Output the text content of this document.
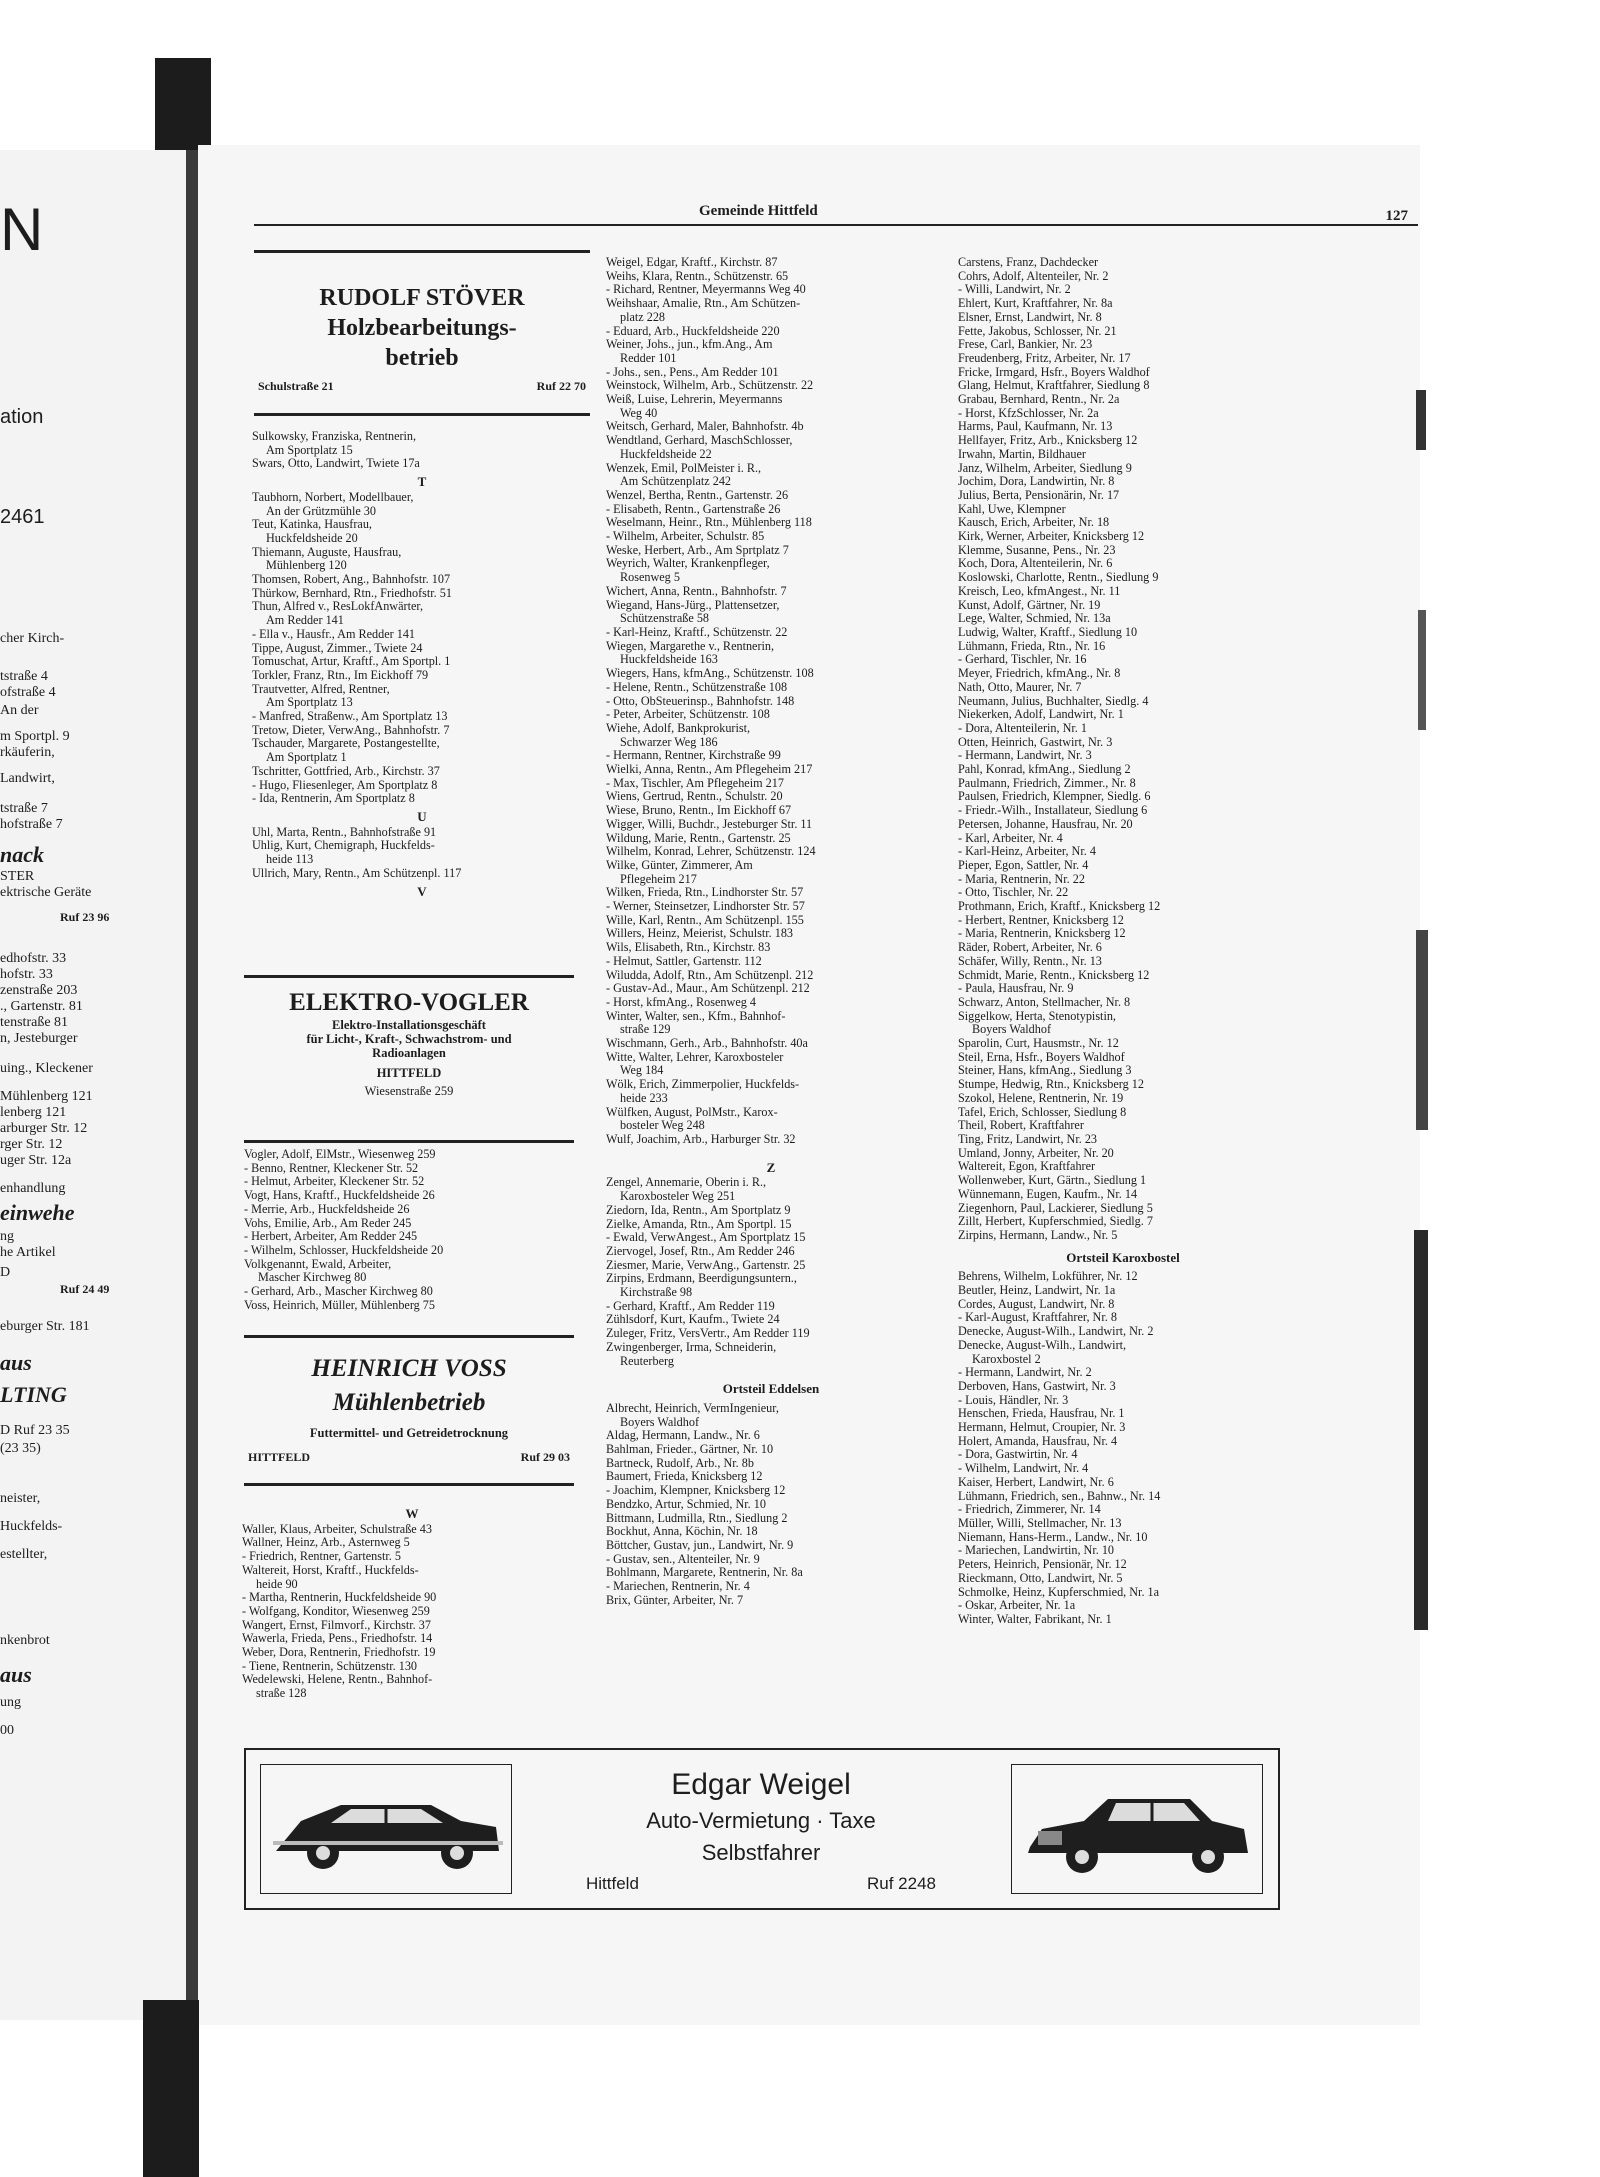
N
ation
2461
cher Kirch-
tstraße 4
ofstraße 4
An der
m Sportpl. 9
rkäuferin,
Landwirt,
tstraße 7
hofstraße 7
nack
STER
ektrische Geräte
Ruf 23 96
edhofstr. 33
hofstr. 33
zenstraße 203
., Gartenstr. 81
tenstraße 81
n, Jesteburger
uing., Kleckener
Mühlenberg 121
lenberg 121
arburger Str. 12
rger Str. 12
uger Str. 12a
enhandlung
einwehe
ng
he Artikel
D
Ruf 24 49
eburger Str. 181
aus
LTING
D Ruf 23 35
(23 35)
neister,
Huckfelds-
estellter,
nkenbrot
aus
ung
00
Gemeinde Hittfeld	127
RUDOLF STÖVER
Holzbearbeitungs-
betrieb
Schulstraße 21	Ruf 22 70
Sulkowsky, Franziska, Rentnerin,
Am Sportplatz 15
Swars, Otto, Landwirt, Twiete 17a
T
Taubhorn, Norbert, Modellbauer,
An der Grützmühle 30
Teut, Katinka, Hausfrau,
Huckfeldsheide 20
Thiemann, Auguste, Hausfrau,
Mühlenberg 120
Thomsen, Robert, Ang., Bahnhofstr. 107
Thürkow, Bernhard, Rtn., Friedhofstr. 51
Thun, Alfred v., ResLokfAnwärter,
Am Redder 141
- Ella v., Hausfr., Am Redder 141
Tippe, August, Zimmer., Twiete 24
Tomuschat, Artur, Kraftf., Am Sportpl. 1
Torkler, Franz, Rtn., Im Eickhoff 79
Trautvetter, Alfred, Rentner,
Am Sportplatz 13
- Manfred, Straßenw., Am Sportplatz 13
Tretow, Dieter, VerwAng., Bahnhofstr. 7
Tschauder, Margarete, Postangestellte,
Am Sportplatz 1
Tschritter, Gottfried, Arb., Kirchstr. 37
- Hugo, Fliesenleger, Am Sportplatz 8
- Ida, Rentnerin, Am Sportplatz 8
U
Uhl, Marta, Rentn., Bahnhofstraße 91
Uhlig, Kurt, Chemigraph, Huckfelds-
heide 113
Ullrich, Mary, Rentn., Am Schützenpl. 117
V
ELEKTRO-VOGLER
Elektro-Installationsgeschäft
für Licht-, Kraft-, Schwachstrom- und
Radioanlagen
HITTFELD
Wiesenstraße 259
Vogler, Adolf, ElMstr., Wiesenweg 259
- Benno, Rentner, Kleckener Str. 52
- Helmut, Arbeiter, Kleckener Str. 52
Vogt, Hans, Kraftf., Huckfeldsheide 26
- Merrie, Arb., Huckfeldsheide 26
Vohs, Emilie, Arb., Am Reder 245
- Herbert, Arbeiter, Am Redder 245
- Wilhelm, Schlosser, Huckfeldsheide 20
Volkgenannt, Ewald, Arbeiter,
Mascher Kirchweg 80
- Gerhard, Arb., Mascher Kirchweg 80
Voss, Heinrich, Müller, Mühlenberg 75
HEINRICH VOSS
Mühlenbetrieb
Futtermittel- und Getreidetrocknung
HITTFELD	Ruf 29 03
W
Waller, Klaus, Arbeiter, Schulstraße 43
Wallner, Heinz, Arb., Asternweg 5
- Friedrich, Rentner, Gartenstr. 5
Waltereit, Horst, Kraftf., Huckfelds-
heide 90
- Martha, Rentnerin, Huckfeldsheide 90
- Wolfgang, Konditor, Wiesenweg 259
Wangert, Ernst, Filmvorf., Kirchstr. 37
Wawerla, Frieda, Pens., Friedhofstr. 14
Weber, Dora, Rentnerin, Friedhofstr. 19
- Tiene, Rentnerin, Schützenstr. 130
Wedelewski, Helene, Rentn., Bahnhof-
straße 128
Weigel, Edgar, Kraftf., Kirchstr. 87
Weihs, Klara, Rentn., Schützenstr. 65
- Richard, Rentner, Meyermanns Weg 40
Weihshaar, Amalie, Rtn., Am Schützen-
platz 228
- Eduard, Arb., Huckfeldsheide 220
Weiner, Johs., jun., kfm.Ang., Am
Redder 101
- Johs., sen., Pens., Am Redder 101
Weinstock, Wilhelm, Arb., Schützenstr. 22
Weiß, Luise, Lehrerin, Meyermanns
Weg 40
Weitsch, Gerhard, Maler, Bahnhofstr. 4b
Wendtland, Gerhard, MaschSchlosser,
Huckfeldsheide 22
Wenzek, Emil, PolMeister i. R.,
Am Schützenplatz 242
Wenzel, Bertha, Rentn., Gartenstr. 26
- Elisabeth, Rentn., Gartenstraße 26
Weselmann, Heinr., Rtn., Mühlenberg 118
- Wilhelm, Arbeiter, Schulstr. 85
Weske, Herbert, Arb., Am Sprtplatz 7
Weyrich, Walter, Krankenpfleger,
Rosenweg 5
Wichert, Anna, Rentn., Bahnhofstr. 7
Wiegand, Hans-Jürg., Plattensetzer,
Schützenstraße 58
- Karl-Heinz, Kraftf., Schützenstr. 22
Wiegen, Margarethe v., Rentnerin,
Huckfeldsheide 163
Wiegers, Hans, kfmAng., Schützenstr. 108
- Helene, Rentn., Schützenstraße 108
- Otto, ObSteuerinsp., Bahnhofstr. 148
- Peter, Arbeiter, Schützenstr. 108
Wiehe, Adolf, Bankprokurist,
Schwarzer Weg 186
- Hermann, Rentner, Kirchstraße 99
Wielki, Anna, Rentn., Am Pflegeheim 217
- Max, Tischler, Am Pflegeheim 217
Wiens, Gertrud, Rentn., Schulstr. 20
Wiese, Bruno, Rentn., Im Eickhoff 67
Wigger, Willi, Buchdr., Jesteburger Str. 11
Wildung, Marie, Rentn., Gartenstr. 25
Wilhelm, Konrad, Lehrer, Schützenstr. 124
Wilke, Günter, Zimmerer, Am
Pflegeheim 217
Wilken, Frieda, Rtn., Lindhorster Str. 57
- Werner, Steinsetzer, Lindhorster Str. 57
Wille, Karl, Rentn., Am Schützenpl. 155
Willers, Heinz, Meierist, Schulstr. 183
Wils, Elisabeth, Rtn., Kirchstr. 83
- Helmut, Sattler, Gartenstr. 112
Wiludda, Adolf, Rtn., Am Schützenpl. 212
- Gustav-Ad., Maur., Am Schützenpl. 212
- Horst, kfmAng., Rosenweg 4
Winter, Walter, sen., Kfm., Bahnhof-
straße 129
Wischmann, Gerh., Arb., Bahnhofstr. 40a
Witte, Walter, Lehrer, Karoxbosteler
Weg 184
Wölk, Erich, Zimmerpolier, Huckfelds-
heide 233
Wülfken, August, PolMstr., Karox-
bosteler Weg 248
Wulf, Joachim, Arb., Harburger Str. 32
Z
Zengel, Annemarie, Oberin i. R.,
Karoxbosteler Weg 251
Ziedorn, Ida, Rentn., Am Sportplatz 9
Zielke, Amanda, Rtn., Am Sportpl. 15
- Ewald, VerwAngest., Am Sportplatz 15
Ziervogel, Josef, Rtn., Am Redder 246
Ziesmer, Marie, VerwAng., Gartenstr. 25
Zirpins, Erdmann, Beerdigungsuntern.,
Kirchstraße 98
- Gerhard, Kraftf., Am Redder 119
Zühlsdorf, Kurt, Kaufm., Twiete 24
Zuleger, Fritz, VersVertr., Am Redder 119
Zwingenberger, Irma, Schneiderin,
Reuterberg
Ortsteil Eddelsen
Albrecht, Heinrich, VermIngenieur,
Boyers Waldhof
Aldag, Hermann, Landw., Nr. 6
Bahlman, Frieder., Gärtner, Nr. 10
Bartneck, Rudolf, Arb., Nr. 8b
Baumert, Frieda, Knicksberg 12
- Joachim, Klempner, Knicksberg 12
Bendzko, Artur, Schmied, Nr. 10
Bittmann, Ludmilla, Rtn., Siedlung 2
Bockhut, Anna, Köchin, Nr. 18
Böttcher, Gustav, jun., Landwirt, Nr. 9
- Gustav, sen., Altenteiler, Nr. 9
Bohlmann, Margarete, Rentnerin, Nr. 8a
- Mariechen, Rentnerin, Nr. 4
Brix, Günter, Arbeiter, Nr. 7
Carstens, Franz, Dachdecker
Cohrs, Adolf, Altenteiler, Nr. 2
- Willi, Landwirt, Nr. 2
Ehlert, Kurt, Kraftfahrer, Nr. 8a
Elsner, Ernst, Landwirt, Nr. 8
Fette, Jakobus, Schlosser, Nr. 21
Frese, Carl, Bankier, Nr. 23
Freudenberg, Fritz, Arbeiter, Nr. 17
Fricke, Irmgard, Hsfr., Boyers Waldhof
Glang, Helmut, Kraftfahrer, Siedlung 8
Grabau, Bernhard, Rentn., Nr. 2a
- Horst, KfzSchlosser, Nr. 2a
Harms, Paul, Kaufmann, Nr. 13
Hellfayer, Fritz, Arb., Knicksberg 12
Irwahn, Martin, Bildhauer
Janz, Wilhelm, Arbeiter, Siedlung 9
Jochim, Dora, Landwirtin, Nr. 8
Julius, Berta, Pensionärin, Nr. 17
Kahl, Uwe, Klempner
Kausch, Erich, Arbeiter, Nr. 18
Kirk, Werner, Arbeiter, Knicksberg 12
Klemme, Susanne, Pens., Nr. 23
Koch, Dora, Altenteilerin, Nr. 6
Koslowski, Charlotte, Rentn., Siedlung 9
Kreisch, Leo, kfmAngest., Nr. 11
Kunst, Adolf, Gärtner, Nr. 19
Lege, Walter, Schmied, Nr. 13a
Ludwig, Walter, Kraftf., Siedlung 10
Lühmann, Frieda, Rtn., Nr. 16
- Gerhard, Tischler, Nr. 16
Meyer, Friedrich, kfmAng., Nr. 8
Nath, Otto, Maurer, Nr. 7
Neumann, Julius, Buchhalter, Siedlg. 4
Niekerken, Adolf, Landwirt, Nr. 1
- Dora, Altenteilerin, Nr. 1
Otten, Heinrich, Gastwirt, Nr. 3
- Hermann, Landwirt, Nr. 3
Pahl, Konrad, kfmAng., Siedlung 2
Paulmann, Friedrich, Zimmer., Nr. 8
Paulsen, Friedrich, Klempner, Siedlg. 6
- Friedr.-Wilh., Installateur, Siedlung 6
Petersen, Johanne, Hausfrau, Nr. 20
- Karl, Arbeiter, Nr. 4
- Karl-Heinz, Arbeiter, Nr. 4
Pieper, Egon, Sattler, Nr. 4
- Maria, Rentnerin, Nr. 22
- Otto, Tischler, Nr. 22
Prothmann, Erich, Kraftf., Knicksberg 12
- Herbert, Rentner, Knicksberg 12
- Maria, Rentnerin, Knicksberg 12
Räder, Robert, Arbeiter, Nr. 6
Schäfer, Willy, Rentn., Nr. 13
Schmidt, Marie, Rentn., Knicksberg 12
- Paula, Hausfrau, Nr. 9
Schwarz, Anton, Stellmacher, Nr. 8
Siggelkow, Herta, Stenotypistin,
Boyers Waldhof
Sparolin, Curt, Hausmstr., Nr. 12
Steil, Erna, Hsfr., Boyers Waldhof
Steiner, Hans, kfmAng., Siedlung 3
Stumpe, Hedwig, Rtn., Knicksberg 12
Szokol, Helene, Rentnerin, Nr. 19
Tafel, Erich, Schlosser, Siedlung 8
Theil, Robert, Kraftfahrer
Ting, Fritz, Landwirt, Nr. 23
Umland, Jonny, Arbeiter, Nr. 20
Waltereit, Egon, Kraftfahrer
Wollenweber, Kurt, Gärtn., Siedlung 1
Wünnemann, Eugen, Kaufm., Nr. 14
Ziegenhorn, Paul, Lackierer, Siedlung 5
Zillt, Herbert, Kupferschmied, Siedlg. 7
Zirpins, Hermann, Landw., Nr. 5
Ortsteil Karoxbostel
Behrens, Wilhelm, Lokführer, Nr. 12
Beutler, Heinz, Landwirt, Nr. 1a
Cordes, August, Landwirt, Nr. 8
- Karl-August, Kraftfahrer, Nr. 8
Denecke, August-Wilh., Landwirt, Nr. 2
Denecke, August-Wilh., Landwirt,
Karoxbostel 2
- Hermann, Landwirt, Nr. 2
Derboven, Hans, Gastwirt, Nr. 3
- Louis, Händler, Nr. 3
Henschen, Frieda, Hausfrau, Nr. 1
Hermann, Helmut, Croupier, Nr. 3
Holert, Amanda, Hausfrau, Nr. 4
- Dora, Gastwirtin, Nr. 4
- Wilhelm, Landwirt, Nr. 4
Kaiser, Herbert, Landwirt, Nr. 6
Lühmann, Friedrich, sen., Bahnw., Nr. 14
- Friedrich, Zimmerer, Nr. 14
Müller, Willi, Stellmacher, Nr. 13
Niemann, Hans-Herm., Landw., Nr. 10
- Mariechen, Landwirtin, Nr. 10
Peters, Heinrich, Pensionär, Nr. 12
Rieckmann, Otto, Landwirt, Nr. 5
Schmolke, Heinz, Kupferschmied, Nr. 1a
- Oskar, Arbeiter, Nr. 1a
Winter, Walter, Fabrikant, Nr. 1
Edgar Weigel
Auto-Vermietung · Taxe
Selbstfahrer
Hittfeld	Ruf 2248
